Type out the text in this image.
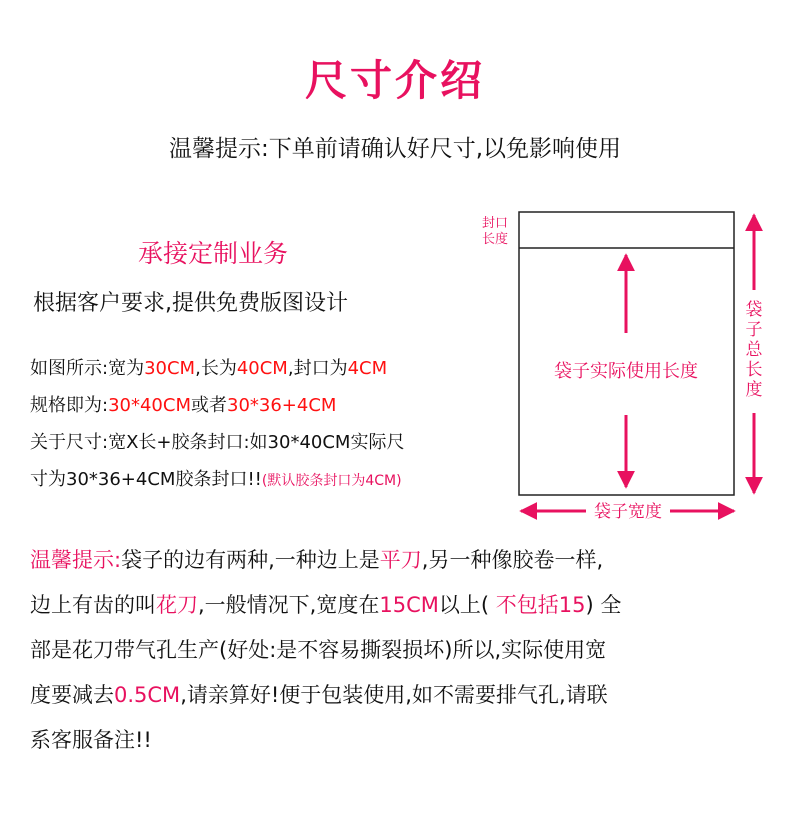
尺寸介绍
温馨提示:下单前请确认好尺寸,以免影响使用
承接定制业务
根据客户要求,提供免费版图设计
如图所示:宽为30CM,长为40CM,封口为4CM
规格即为:30*40CM或者30*36+4CM
关于尺寸:宽X长+胶条封口:如30*40CM实际尺
寸为30*36+4CM胶条封口!!(默认胶条封口为4CM)
封口
长度
袋子实际使用长度
袋子宽度
袋子总长度
温馨提示:袋子的边有两种,一种边上是平刀,另一种像胶卷一样,
边上有齿的叫花刀,一般情况下,宽度在15CM以上( 不包括15) 全
部是花刀带气孔生产(好处:是不容易撕裂损坏)所以,实际使用宽
度要减去0.5CM,请亲算好!便于包装使用,如不需要排气孔,请联
系客服备注!!
